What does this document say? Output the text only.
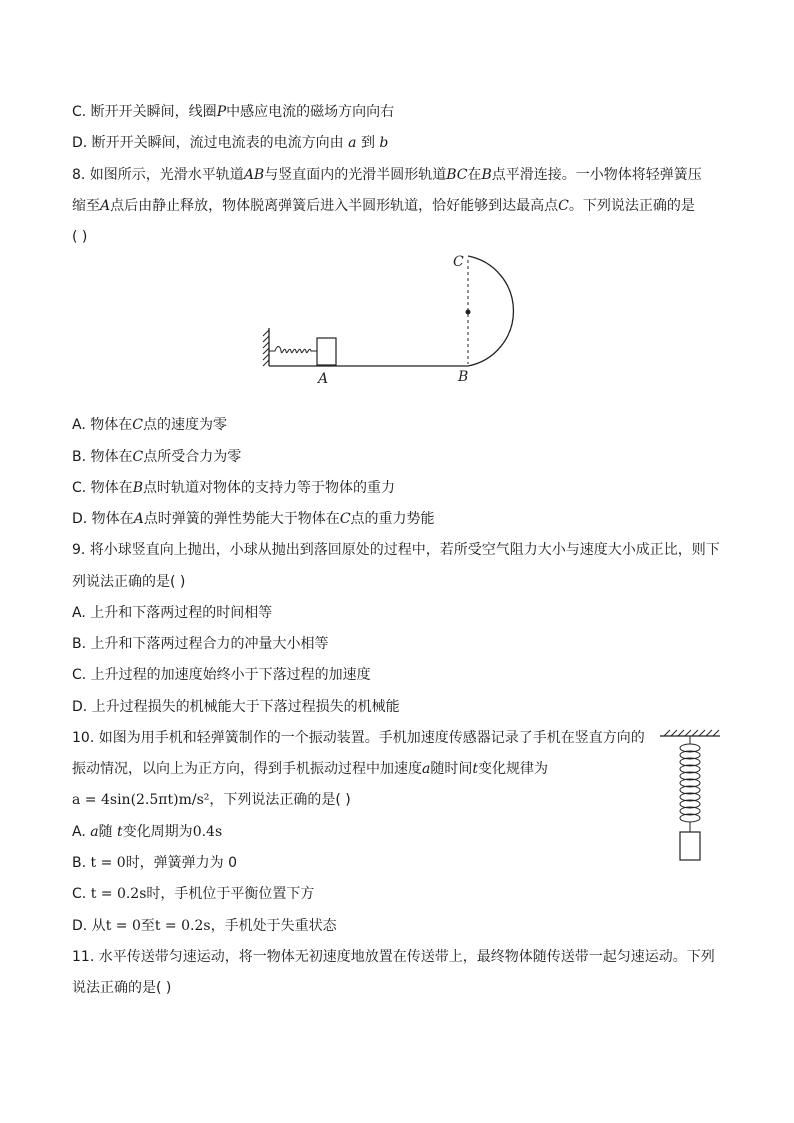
C. 断开开关瞬间，线圈P中感应电流的磁场方向向右
D. 断开开关瞬间，流过电流表的电流方向由 a 到 b
8. 如图所示，光滑水平轨道AB与竖直面内的光滑半圆形轨道BC在B点平滑连接。一小物体将轻弹簧压
缩至A点后由静止释放，物体脱离弹簧后进入半圆形轨道，恰好能够到达最高点C。下列说法正确的是
( )
C
A	B
A. 物体在C点的速度为零
B. 物体在C点所受合力为零
C. 物体在B点时轨道对物体的支持力等于物体的重力
D. 物体在A点时弹簧的弹性势能大于物体在C点的重力势能
9. 将小球竖直向上抛出，小球从抛出到落回原处的过程中，若所受空气阻力大小与速度大小成正比，则下
列说法正确的是( )
A. 上升和下落两过程的时间相等
B. 上升和下落两过程合力的冲量大小相等
C. 上升过程的加速度始终小于下落过程的加速度
D. 上升过程损失的机械能大于下落过程损失的机械能
10. 如图为用手机和轻弹簧制作的一个振动装置。手机加速度传感器记录了手机在竖直方向的
振动情况，以向上为正方向，得到手机振动过程中加速度a随时间t变化规律为
a = 4sin(2.5πt)m/s²，下列说法正确的是( )
A. a随 t变化周期为0.4s
B. t = 0时，弹簧弹力为 0
C. t = 0.2s时，手机位于平衡位置下方
D. 从t = 0至t = 0.2s，手机处于失重状态
11. 水平传送带匀速运动，将一物体无初速度地放置在传送带上，最终物体随传送带一起匀速运动。下列
说法正确的是( )
